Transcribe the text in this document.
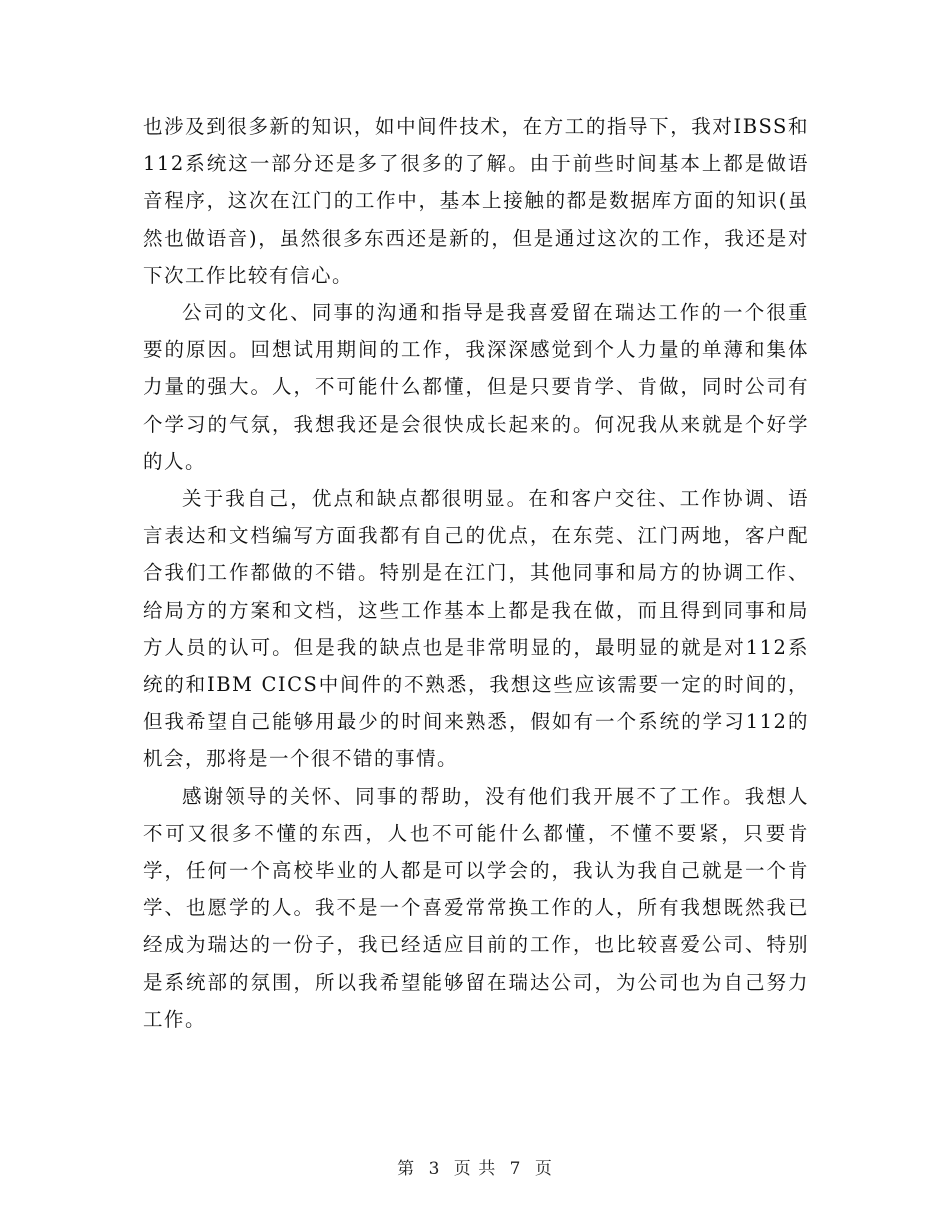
也涉及到很多新的知识，如中间件技术，在方工的指导下，我对IBSS和112系统这一部分还是多了很多的了解。由于前些时间基本上都是做语音程序，这次在江门的工作中，基本上接触的都是数据库方面的知识(虽然也做语音)，虽然很多东西还是新的，但是通过这次的工作，我还是对下次工作比较有信心。

公司的文化、同事的沟通和指导是我喜爱留在瑞达工作的一个很重要的原因。回想试用期间的工作，我深深感觉到个人力量的单薄和集体力量的强大。人，不可能什么都懂，但是只要肯学、肯做，同时公司有个学习的气氛，我想我还是会很快成长起来的。何况我从来就是个好学的人。

关于我自己，优点和缺点都很明显。在和客户交往、工作协调、语言表达和文档编写方面我都有自己的优点，在东莞、江门两地，客户配合我们工作都做的不错。特别是在江门，其他同事和局方的协调工作、给局方的方案和文档，这些工作基本上都是我在做，而且得到同事和局方人员的认可。但是我的缺点也是非常明显的，最明显的就是对112系统的和IBM CICS中间件的不熟悉，我想这些应该需要一定的时间的，但我希望自己能够用最少的时间来熟悉，假如有一个系统的学习112的机会，那将是一个很不错的事情。

感谢领导的关怀、同事的帮助，没有他们我开展不了工作。我想人不可又很多不懂的东西，人也不可能什么都懂，不懂不要紧，只要肯学，任何一个高校毕业的人都是可以学会的，我认为我自己就是一个肯学、也愿学的人。我不是一个喜爱常常换工作的人，所有我想既然我已经成为瑞达的一份子，我已经适应目前的工作，也比较喜爱公司、特别是系统部的氛围，所以我希望能够留在瑞达公司，为公司也为自己努力工作。

第 3 页 共 7 页
